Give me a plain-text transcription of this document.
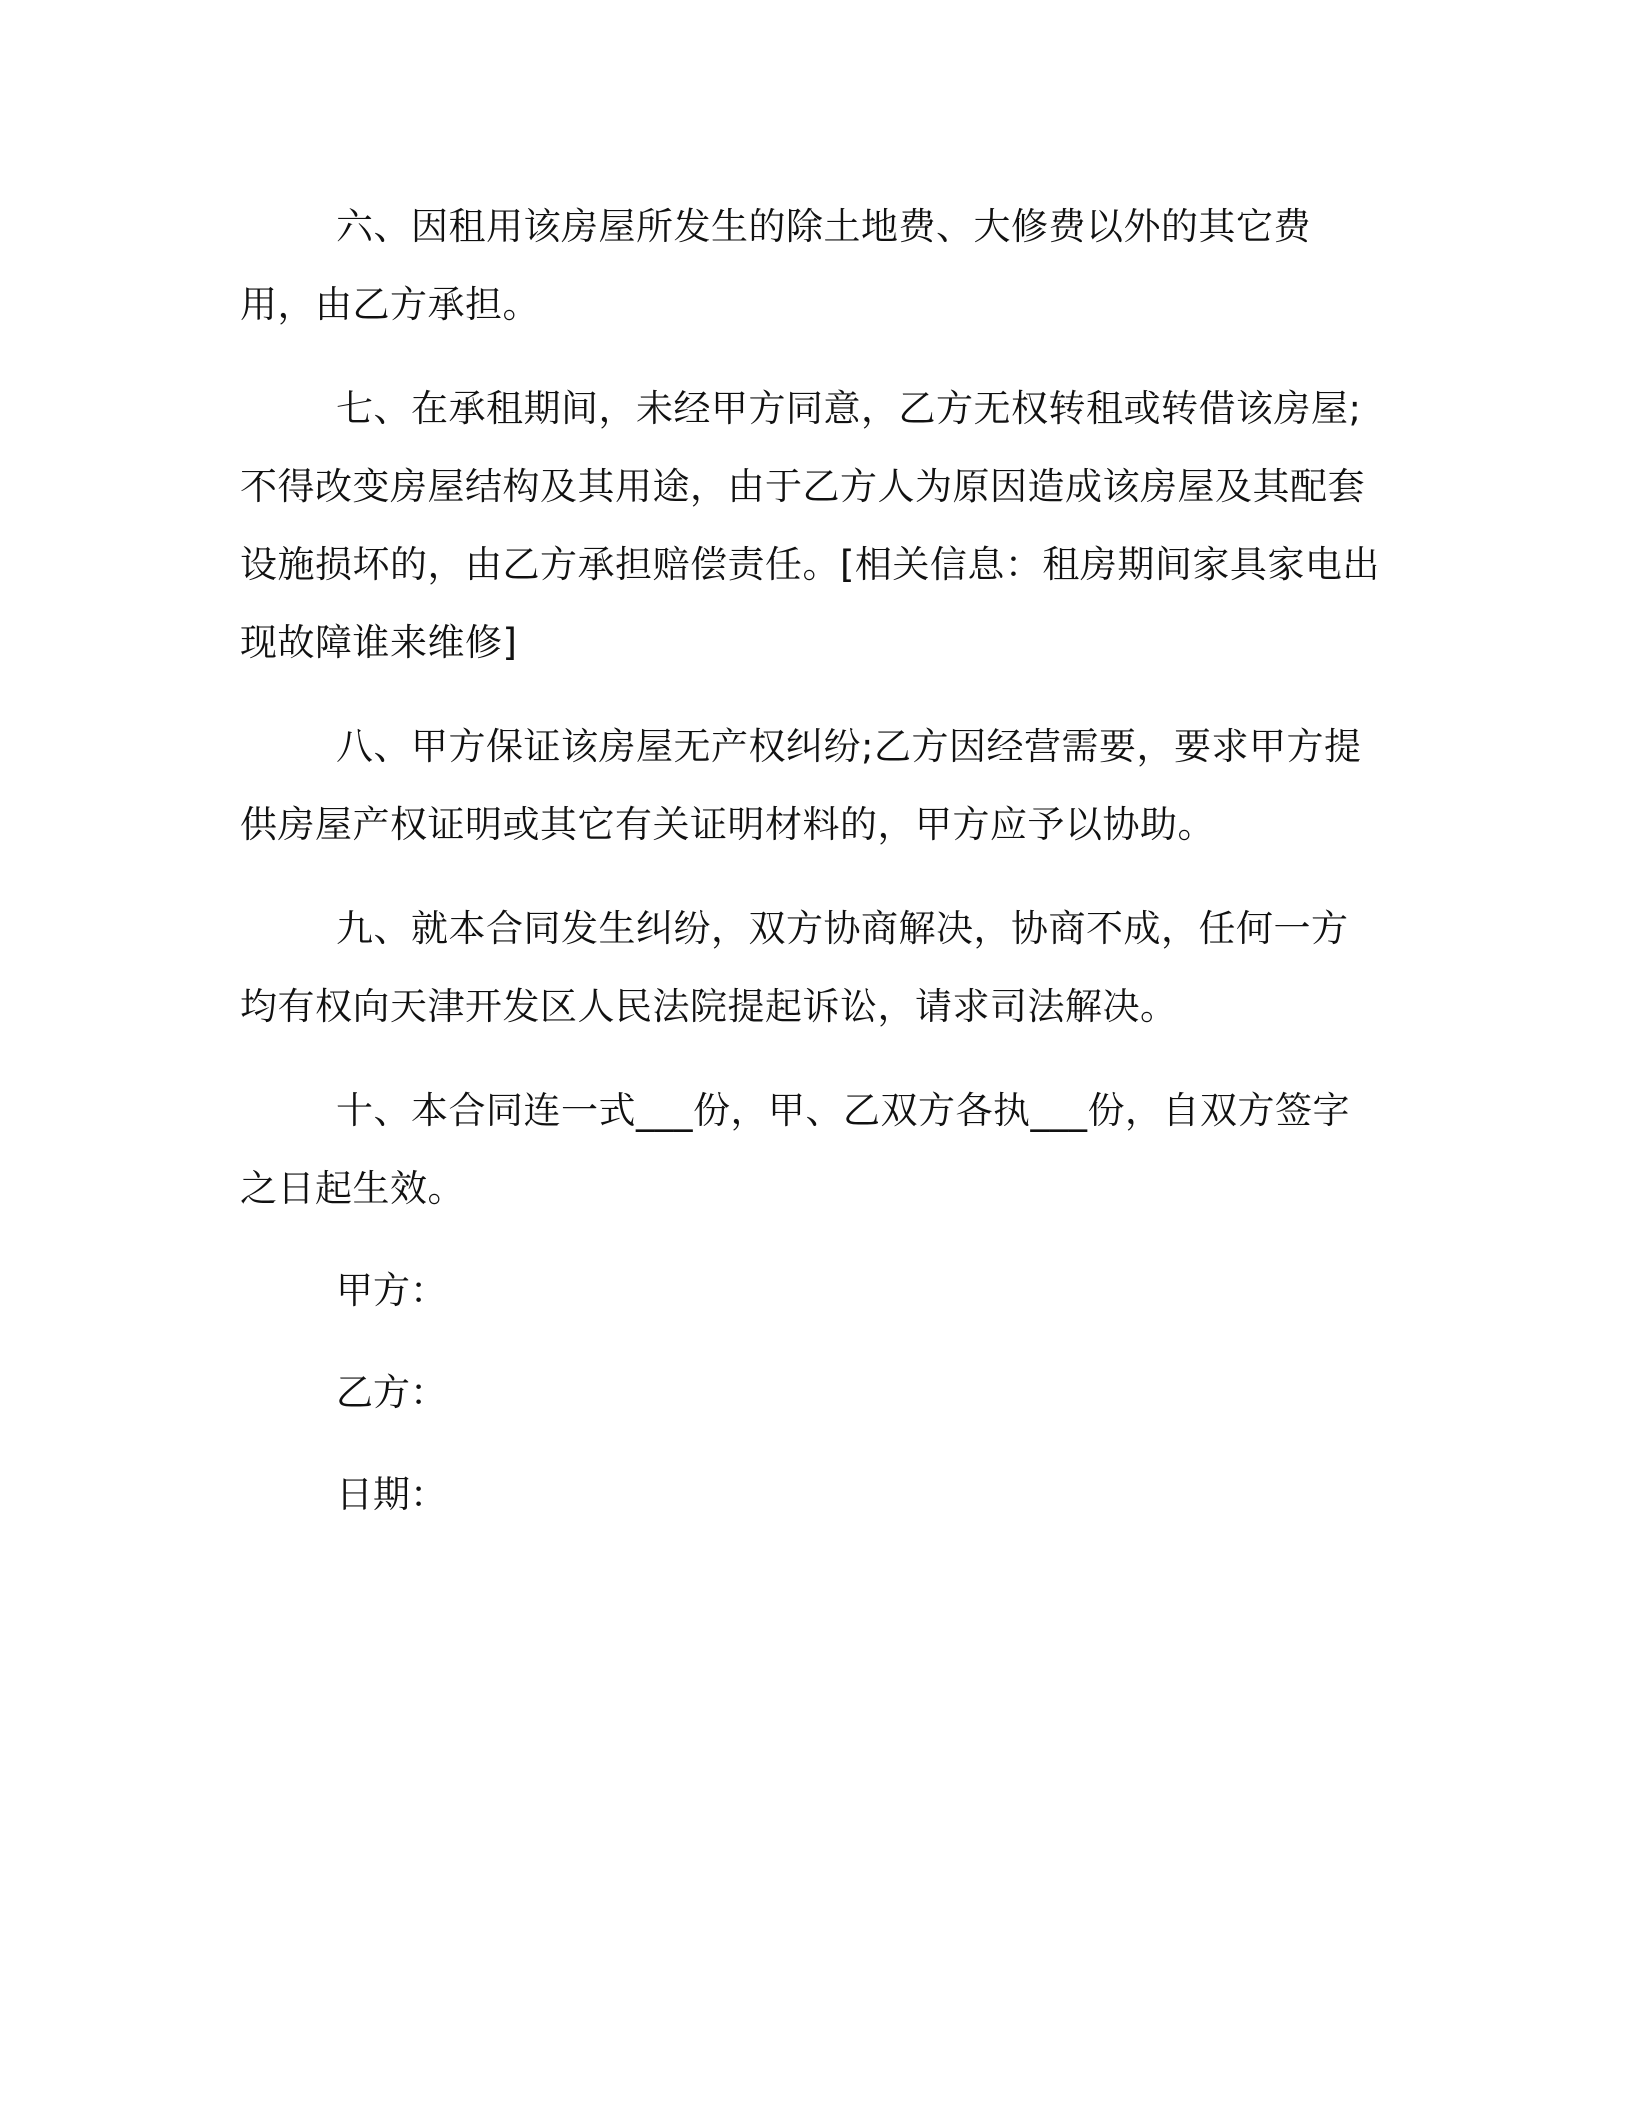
六、因租用该房屋所发生的除土地费、大修费以外的其它费用，由乙方承担。

七、在承租期间，未经甲方同意，乙方无权转租或转借该房屋;不得改变房屋结构及其用途，由于乙方人为原因造成该房屋及其配套设施损坏的，由乙方承担赔偿责任。[相关信息：租房期间家具家电出现故障谁来维修]

八、甲方保证该房屋无产权纠纷;乙方因经营需要，要求甲方提供房屋产权证明或其它有关证明材料的，甲方应予以协助。

九、就本合同发生纠纷，双方协商解决，协商不成，任何一方均有权向天津开发区人民法院提起诉讼，请求司法解决。

十、本合同连一式___份，甲、乙双方各执___份，自双方签字之日起生效。

甲方：

乙方：

日期：
